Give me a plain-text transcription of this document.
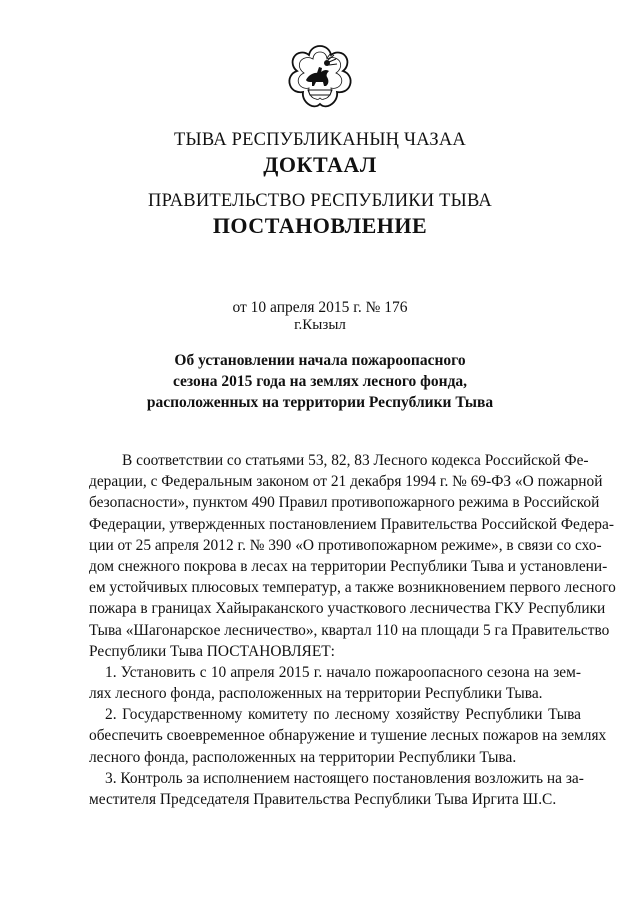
ТЫВА РЕСПУБЛИКАНЫҢ ЧАЗАА
ДОКТААЛ
ПРАВИТЕЛЬСТВО РЕСПУБЛИКИ ТЫВА
ПОСТАНОВЛЕНИЕ
от 10 апреля 2015 г. № 176
г.Кызыл
Об установлении начала пожароопасного
сезона 2015 года на землях лесного фонда,
расположенных на территории Республики Тыва
В соответствии со статьями 53, 82, 83 Лесного кодекса Российской Фе-
дерации, с Федеральным законом от 21 декабря 1994 г. № 69-ФЗ «О пожарной
безопасности», пунктом 490 Правил противопожарного режима в Российской
Федерации, утвержденных постановлением Правительства Российской Федера-
ции от 25 апреля 2012 г. № 390 «О противопожарном режиме», в связи со схо-
дом снежного покрова в лесах на территории Республики Тыва и установлени-
ем устойчивых плюсовых температур, а также возникновением первого лесного
пожара в границах Хайыраканского участкового лесничества ГКУ Республики
Тыва «Шагонарское лесничество», квартал 110 на площади 5 га Правительство
Республики Тыва ПОСТАНОВЛЯЕТ:
1. Установить с 10 апреля 2015 г. начало пожароопасного сезона на зем-
лях лесного фонда, расположенных на территории Республики Тыва.
2. Государственному комитету по лесному хозяйству Республики Тыва
обеспечить своевременное обнаружение и тушение лесных пожаров на землях
лесного фонда, расположенных на территории Республики Тыва.
3. Контроль за исполнением настоящего постановления возложить на за-
местителя Председателя Правительства Республики Тыва Иргита Ш.С.
